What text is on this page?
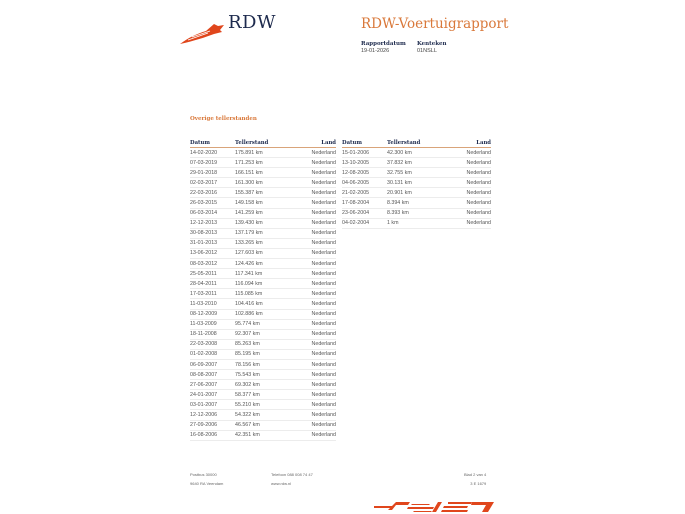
RDW	RDW-Voertuigrapport
Rapportdatum
19-01-2026
Kenteken
01NSLL
Overige tellerstanden
Datum	Tellerstand	Land
14-02-2020	175.891 km	Nederland
07-03-2019	171.253 km	Nederland
29-01-2018	166.151 km	Nederland
02-03-2017	161.300 km	Nederland
22-03-2016	155.387 km	Nederland
26-03-2015	149.158 km	Nederland
06-03-2014	141.259 km	Nederland
12-12-2013	139.430 km	Nederland
30-08-2013	137.179 km	Nederland
31-01-2013	133.265 km	Nederland
13-06-2012	127.603 km	Nederland
08-03-2012	124.426 km	Nederland
25-05-2011	117.341 km	Nederland
28-04-2011	116.094 km	Nederland
17-03-2011	115.085 km	Nederland
11-03-2010	104.416 km	Nederland
08-12-2009	102.886 km	Nederland
11-03-2009	95.774 km	Nederland
18-11-2008	92.307 km	Nederland
22-03-2008	85.263 km	Nederland
01-02-2008	85.195 km	Nederland
06-09-2007	78.156 km	Nederland
08-08-2007	75.543 km	Nederland
27-06-2007	69.302 km	Nederland
24-01-2007	58.377 km	Nederland
03-01-2007	55.210 km	Nederland
12-12-2006	54.322 km	Nederland
27-09-2006	46.567 km	Nederland
16-08-2006	42.351 km	Nederland
Datum	Tellerstand	Land
15-01-2006	42.300 km	Nederland
13-10-2005	37.832 km	Nederland
12-08-2005	32.755 km	Nederland
04-06-2005	30.131 km	Nederland
21-02-2005	20.901 km	Nederland
17-08-2004	8.394 km	Nederland
23-06-2004	8.393 km	Nederland
04-02-2004	1 km	Nederland
Postbus 30000
9640 RA Veendam
Telefoon 088 008 74 47
www.rdw.nl
Blad 2 van 4
3 E 1679
